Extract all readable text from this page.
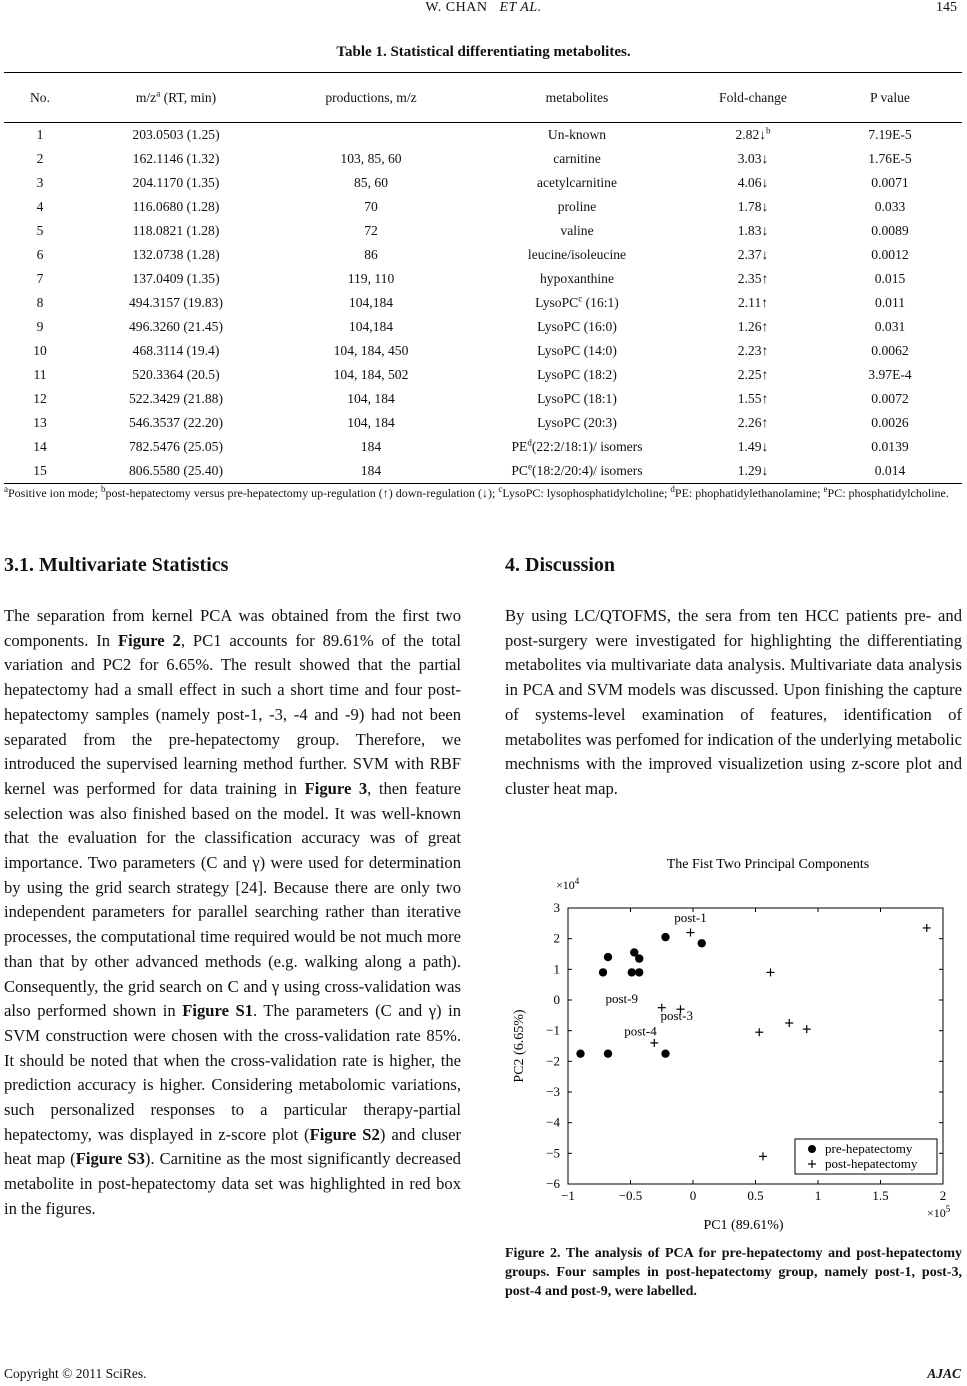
W. CHAN ET AL.	145
Table 1. Statistical differentiating metabolites.
No.	$m/z^a$ (RT, min)	productions, m/z	metabolites	Fold-change	P value
1	203.0503 (1.25)		Un-known	2.82↓$^b$	7.19E-5
2	162.1146 (1.32)	103, 85, 60	carnitine	3.03↓	1.76E-5
3	204.1170 (1.35)	85, 60	acetylcarnitine	4.06↓	0.0071
4	116.0680 (1.28)	70	proline	1.78↓	0.033
5	118.0821 (1.28)	72	valine	1.83↓	0.0089
6	132.0738 (1.28)	86	leucine/isoleucine	2.37↓	0.0012
7	137.0409 (1.35)	119, 110	hypoxanthine	2.35↑	0.015
8	494.3157 (19.83)	104,184	LysoPC$^c$ (16:1)	2.11↑	0.011
9	496.3260 (21.45)	104,184	LysoPC (16:0)	1.26↑	0.031
10	468.3114 (19.4)	104, 184, 450	LysoPC (14:0)	2.23↑	0.0062
11	520.3364 (20.5)	104, 184, 502	LysoPC (18:2)	2.25↑	3.97E-4
12	522.3429 (21.88)	104, 184	LysoPC (18:1)	1.55↑	0.0072
13	546.3537 (22.20)	104, 184	LysoPC (20:3)	2.26↑	0.0026
14	782.5476 (25.05)	184	$PE^d(22:2/18:1)/$ isomers	1.49↓	0.0139
15	806.5580 (25.40)	184	$PC^e(18:2/20:4)/$ isomers	1.29↓	0.014
$^a$Positive ion mode; $^b$post-hepatectomy versus pre-hepatectomy up-regulation (↑) down-regulation (↓); $^c$LysoPC: lysophosphatidylcholine; $^d$PE: phophatidylethanolamine; $^e$PC: phosphatidylcholine.
3.1. Multivariate Statistics

The separation from kernel PCA was obtained from the first two components. In Figure 2, PC1 accounts for 89.61% of the total variation and PC2 for 6.65%. The result showed that the partial hepatectomy had a small effect in such a short time and four post-hepatectomy samples (namely post-1, -3, -4 and -9) had not been separated from the pre-hepatectomy group. Therefore, we introduced the supervised learning method further. SVM with RBF kernel was performed for data training in Figure 3, then feature selection was also finished based on the model. It was well-known that the evaluation for the classification accuracy was of great importance. Two parameters (C and γ) were used for determination by using the grid search strategy [24]. Because there are only two independent parameters for parallel searching rather than iterative processes, the computational time required would be not much more than that by other advanced methods (e.g. walking along a path). Consequently, the grid search on C and γ using cross-validation was also performed shown in Figure S1. The parameters (C and γ) in SVM construction were chosen with the cross-validation rate 85%. It should be noted that when the cross-validation rate is higher, the prediction accuracy is higher. Considering metabolomic variations, such personalized responses to a particular therapy-partial hepatectomy, was displayed in z-score plot (Figure S2) and cluser heat map (Figure S3). Carnitine as the most significantly decreased metabolite in post-hepatectomy data set was highlighted in red box in the figures.

4. Discussion

By using LC/QTOFMS, the sera from ten HCC patients pre- and post-surgery were investigated for highlighting the differentiating metabolites via multivariate data analysis. Multivariate data analysis in PCA and SVM models was discussed. Upon finishing the capture of systems-level examination of features, identification of metabolites was perfomed for indication of the underlying metabolic mechnisms with the improved visualizetion using z-score plot and cluster heat map.

The Fist Two Principal Components
−1	−0.5	0	0.5	1	1.5	2
3
2
1
0
−1
−2
−3
−4
−5
−6
$\times 10^4$
$\times 10^5$
PC1 (89.61%)
PC2 (6.65%)
post-1
post-9
post-3
post-4
pre-hepatectomy
post-hepatectomy

Figure 2. The analysis of PCA for pre-hepatectomy and post-hepatectomy groups. Four samples in post-hepatectomy group, namely post-1, post-3, post-4 and post-9, were labelled.

Copyright © 2011 SciRes.	AJAC
